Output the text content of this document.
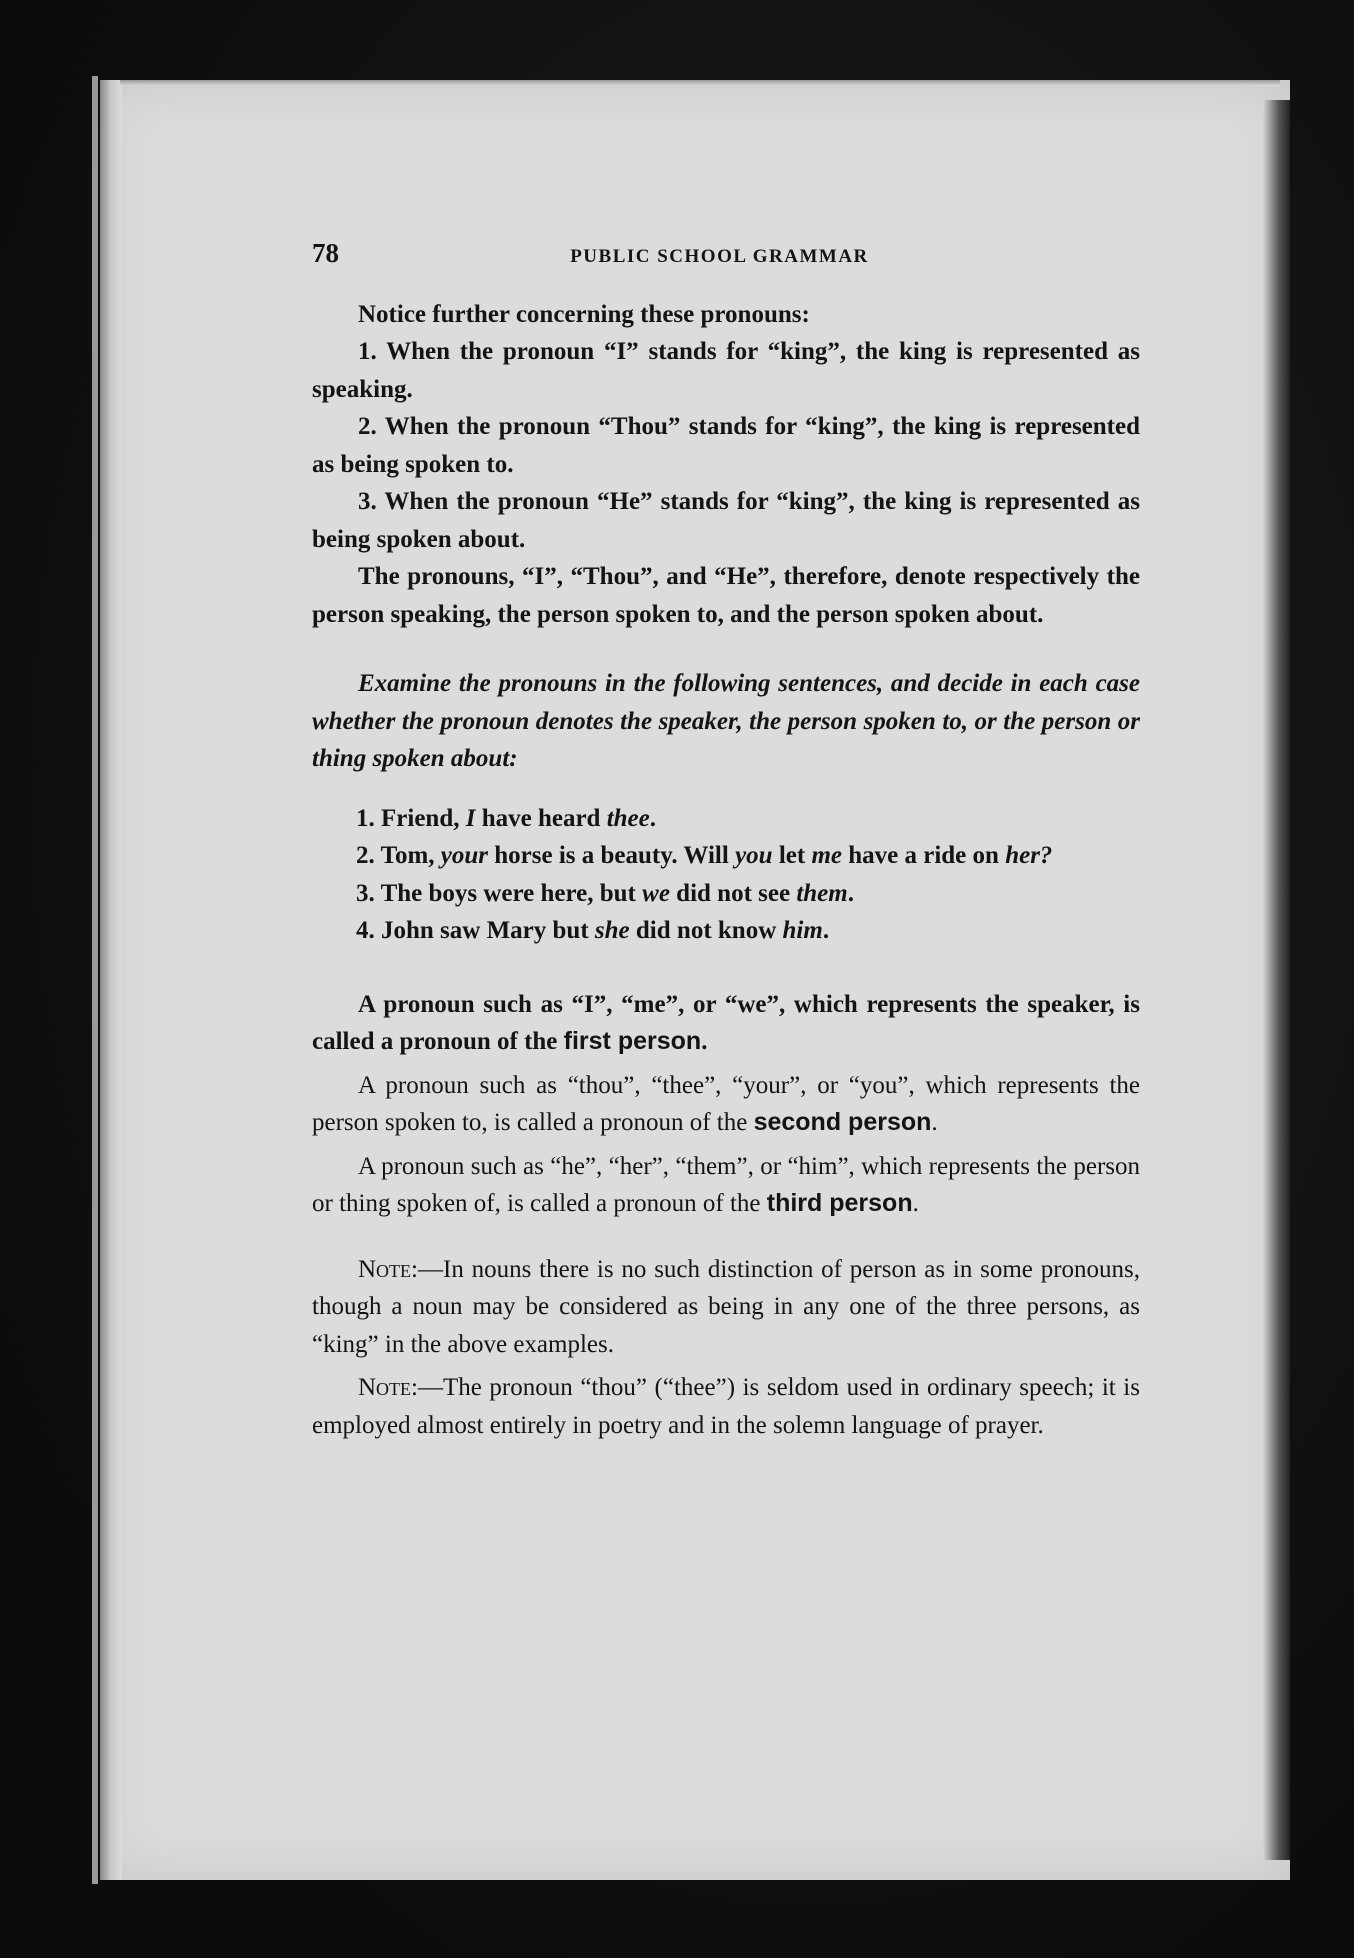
78	PUBLIC SCHOOL GRAMMAR

Notice further concerning these pronouns:

1. When the pronoun “I” stands for “king”, the king is represented as speaking.

2. When the pronoun “Thou” stands for “king”, the king is represented as being spoken to.

3. When the pronoun “He” stands for “king”, the king is represented as being spoken about.

The pronouns, “I”, “Thou”, and “He”, therefore, denote respectively the person speaking, the person spoken to, and the person spoken about.

Examine the pronouns in the following sentences, and decide in each case whether the pronoun denotes the speaker, the person spoken to, or the person or thing spoken about:

1. Friend, I have heard thee.
2. Tom, your horse is a beauty. Will you let me have a ride on her?
3. The boys were here, but we did not see them.
4. John saw Mary but she did not know him.

A pronoun such as “I”, “me”, or “we”, which represents the speaker, is called a pronoun of the first person.

A pronoun such as “thou”, “thee”, “your”, or “you”, which represents the person spoken to, is called a pronoun of the second person.

A pronoun such as “he”, “her”, “them”, or “him”, which represents the person or thing spoken of, is called a pronoun of the third person.

Note:—In nouns there is no such distinction of person as in some pronouns, though a noun may be considered as being in any one of the three persons, as “king” in the above examples.

Note:—The pronoun “thou” (“thee”) is seldom used in ordinary speech; it is employed almost entirely in poetry and in the solemn language of prayer.
